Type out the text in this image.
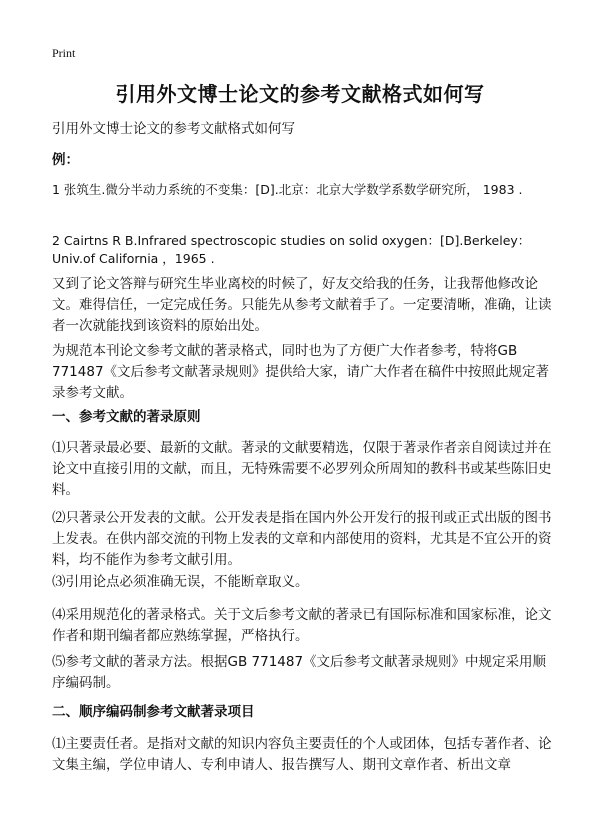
Print
引用外文博士论文的参考文献格式如何写

引用外文博士论文的参考文献格式如何写

例：

1 张筑生.微分半动力系统的不变集：[D].北京：北京大学数学系数学研究所， 1983 .

2 Cairtns R B.Infrared spectroscopic studies on solid oxygen：[D].Berkeley： Univ.of California ，1965 .

又到了论文答辩与研究生毕业离校的时候了，好友交给我的任务，让我帮他修改论文。难得信任，一定完成任务。只能先从参考文献着手了。一定要清晰，准确，让读者一次就能找到该资料的原始出处。

为规范本刊论文参考文献的著录格式，同时也为了方便广大作者参考，特将GB 771487《文后参考文献著录规则》提供给大家，请广大作者在稿件中按照此规定著录参考文献。

一、参考文献的著录原则

⑴只著录最必要、最新的文献。著录的文献要精选，仅限于著录作者亲自阅读过并在论文中直接引用的文献，而且，无特殊需要不必罗列众所周知的教科书或某些陈旧史料。

⑵只著录公开发表的文献。公开发表是指在国内外公开发行的报刊或正式出版的图书上发表。在供内部交流的刊物上发表的文章和内部使用的资料，尤其是不宜公开的资料，均不能作为参考文献引用。

⑶引用论点必须准确无误，不能断章取义。

⑷采用规范化的著录格式。关于文后参考文献的著录已有国际标准和国家标准，论文作者和期刊编者都应熟练掌握，严格执行。

⑸参考文献的著录方法。根据GB 771487《文后参考文献著录规则》中规定采用顺序编码制。

二、顺序编码制参考文献著录项目

⑴主要责任者。是指对文献的知识内容负主要责任的个人或团体，包括专著作者、论文集主编，学位申请人、专利申请人、报告撰写人、期刊文章作者、析出文章
